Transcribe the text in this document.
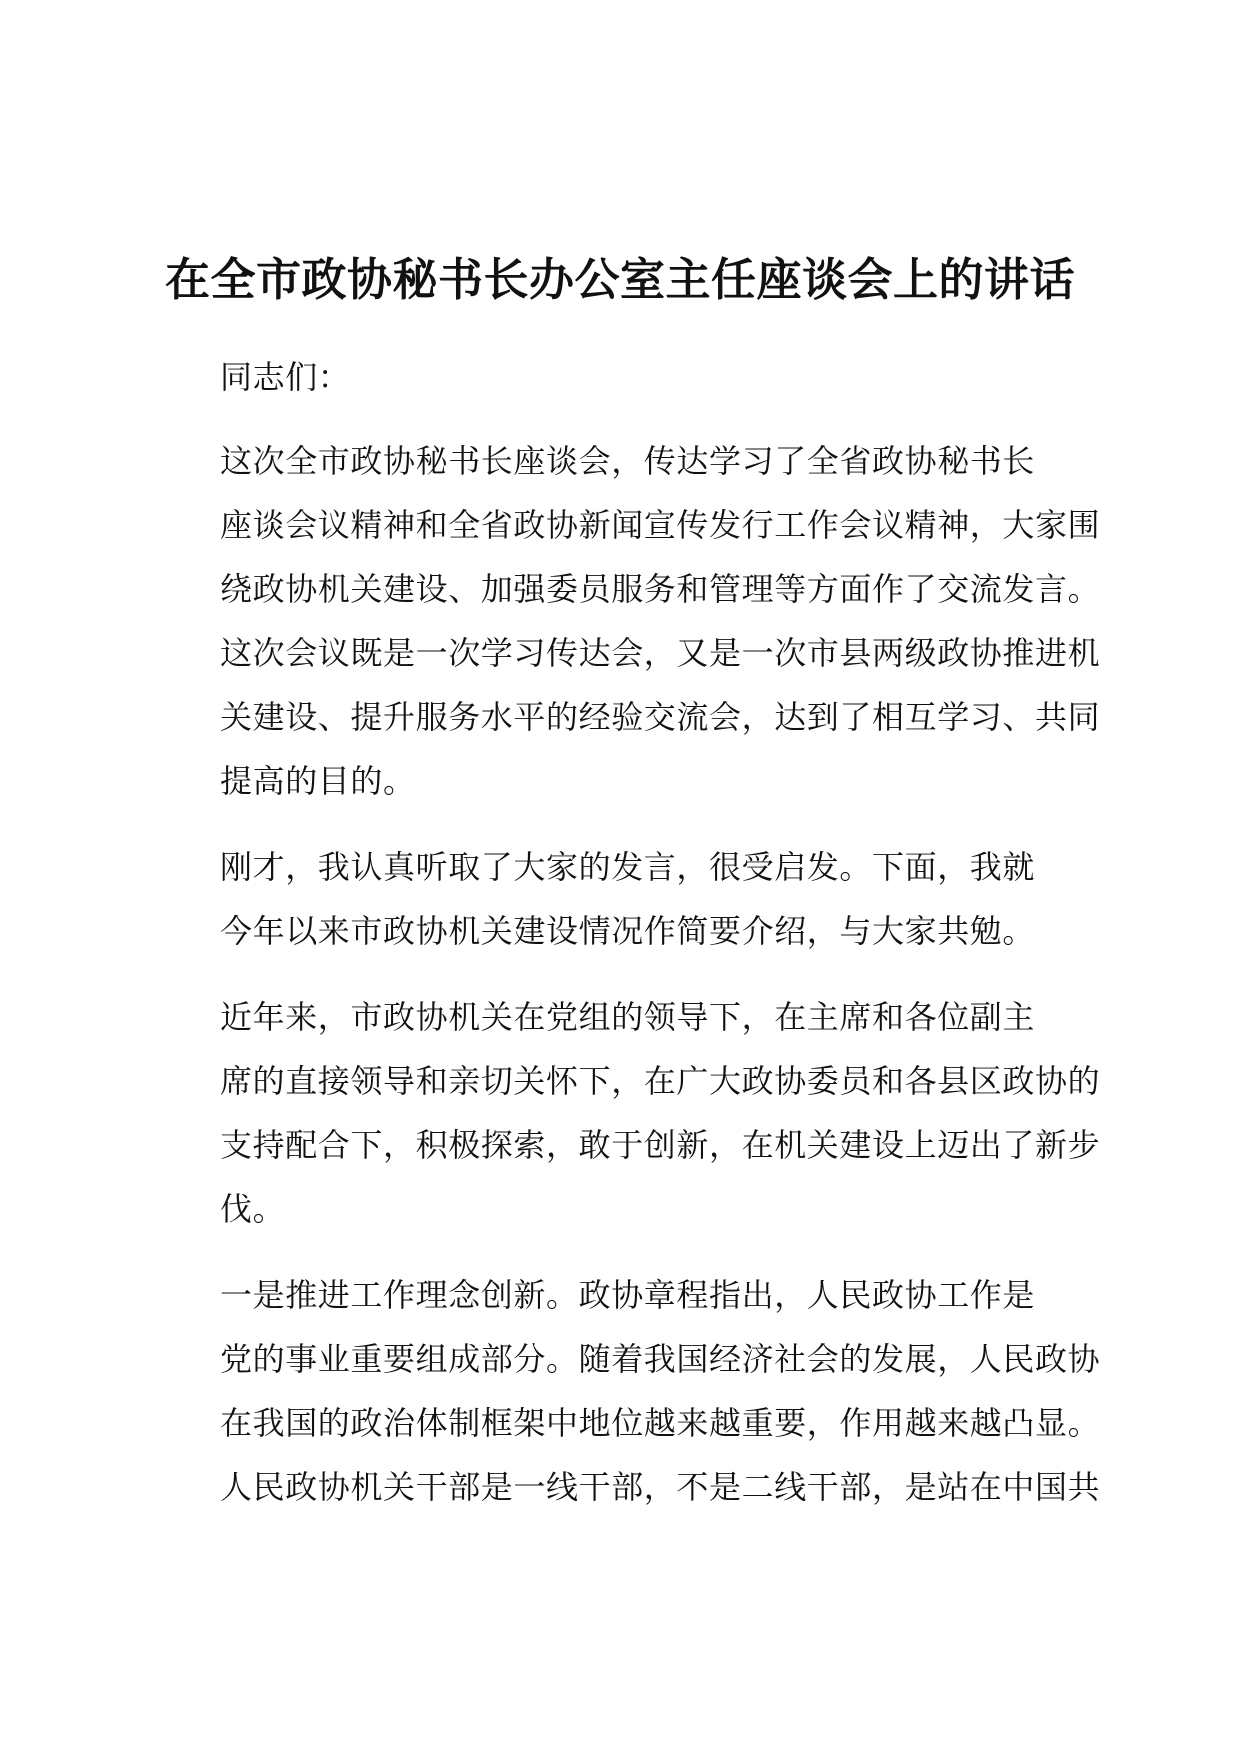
在全市政协秘书长办公室主任座谈会上的讲话

同志们：

这次全市政协秘书长座谈会，传达学习了全省政协秘书长
座谈会议精神和全省政协新闻宣传发行工作会议精神，大家围
绕政协机关建设、加强委员服务和管理等方面作了交流发言。
这次会议既是一次学习传达会，又是一次市县两级政协推进机
关建设、提升服务水平的经验交流会，达到了相互学习、共同
提高的目的。

刚才，我认真听取了大家的发言，很受启发。下面，我就
今年以来市政协机关建设情况作简要介绍，与大家共勉。

近年来，市政协机关在党组的领导下，在主席和各位副主
席的直接领导和亲切关怀下，在广大政协委员和各县区政协的
支持配合下，积极探索，敢于创新，在机关建设上迈出了新步
伐。

一是推进工作理念创新。政协章程指出，人民政协工作是
党的事业重要组成部分。随着我国经济社会的发展，人民政协
在我国的政治体制框架中地位越来越重要，作用越来越凸显。
人民政协机关干部是一线干部，不是二线干部，是站在中国共
